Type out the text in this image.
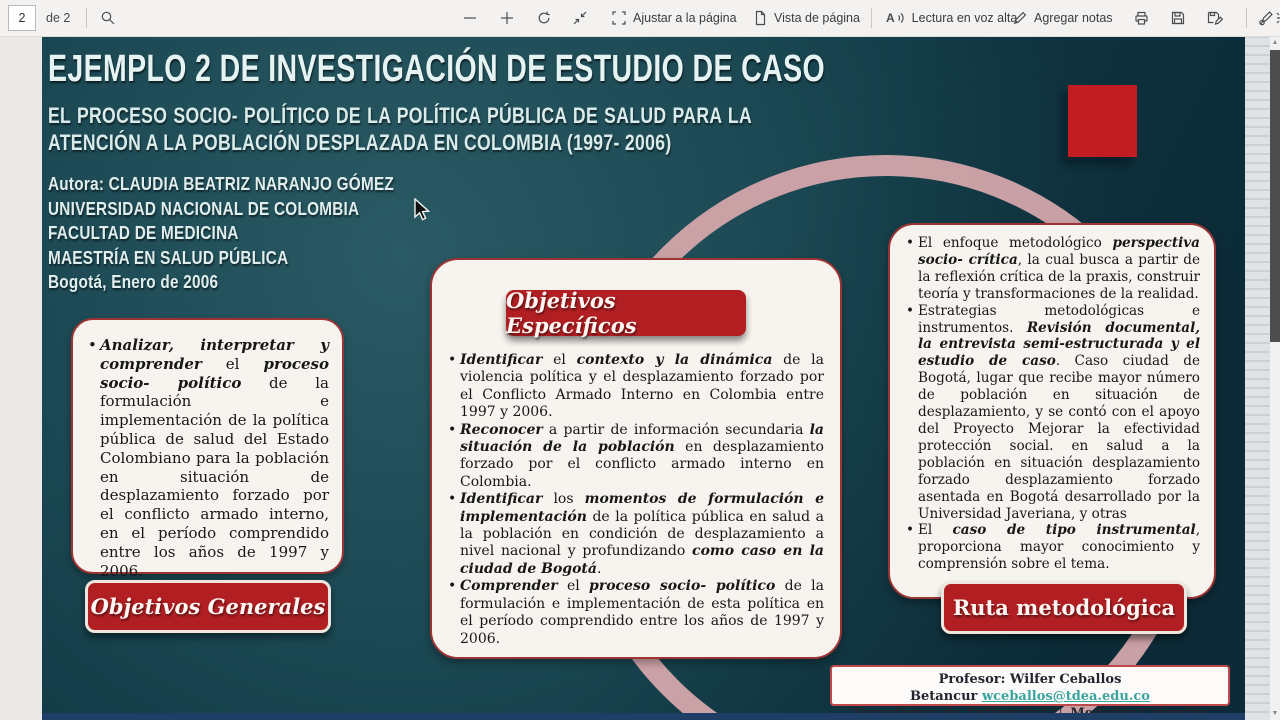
2
de 2	Ajustar a la página	Vista de página A Lectura en voz alta Agregar notas
EJEMPLO 2 DE INVESTIGACIÓN DE ESTUDIO DE CASO
EL PROCESO SOCIO- POLÍTICO DE LA POLÍTICA PÚBLICA DE SALUD PARA LA ATENCIÓN A LA POBLACIÓN DESPLAZADA EN COLOMBIA (1997- 2006)
Autora: CLAUDIA BEATRIZ NARANJO GÓMEZ
UNIVERSIDAD NACIONAL DE COLOMBIA
FACULTAD DE MEDICINA
MAESTRÍA EN SALUD PÚBLICA
Bogotá, Enero de 2006
• Analizar, interpretar y comprender el proceso socio- político de la formulación e implementación de la política pública de salud del Estado Colombiano para la población en situación de desplazamiento forzado por el conflicto armado interno, en el período comprendido entre los años de 1997 y 2006.
Objetivos Generales
Objetivos Específicos
• Identificar el contexto y la dinámica de la violencia política y el desplazamiento forzado por el Conflicto Armado Interno en Colombia entre 1997 y 2006.
• Reconocer a partir de información secundaria la situación de la población en desplazamiento forzado por el conflicto armado interno en Colombia.
• Identificar los momentos de formulación e implementación de la política pública en salud a la población en condición de desplazamiento a nivel nacional y profundizando como caso en la ciudad de Bogotá.
• Comprender el proceso socio- político de la formulación e implementación de esta política en el período comprendido entre los años de 1997 y 2006.
• El enfoque metodológico perspectiva socio- crítica, la cual busca a partir de la reflexión crítica de la praxis, construir teoría y transformaciones de la realidad.
• Estrategias metodológicas e instrumentos. Revisión documental, la entrevista semi-estructurada y el estudio de caso. Caso ciudad de Bogotá, lugar que recibe mayor número de población en situación de desplazamiento, y se contó con el apoyo del Proyecto Mejorar la efectividad protección social. en salud a la población en situación desplazamiento forzado desplazamiento forzado asentada en Bogotá desarrollado por la Universidad Javeriana, y otras
• El caso de tipo instrumental, proporciona mayor conocimiento y comprensión sobre el tema.
Ruta metodológica
Profesor: Wilfer Ceballos Betancur wceballos@tdea.edu.co
▲
▼
